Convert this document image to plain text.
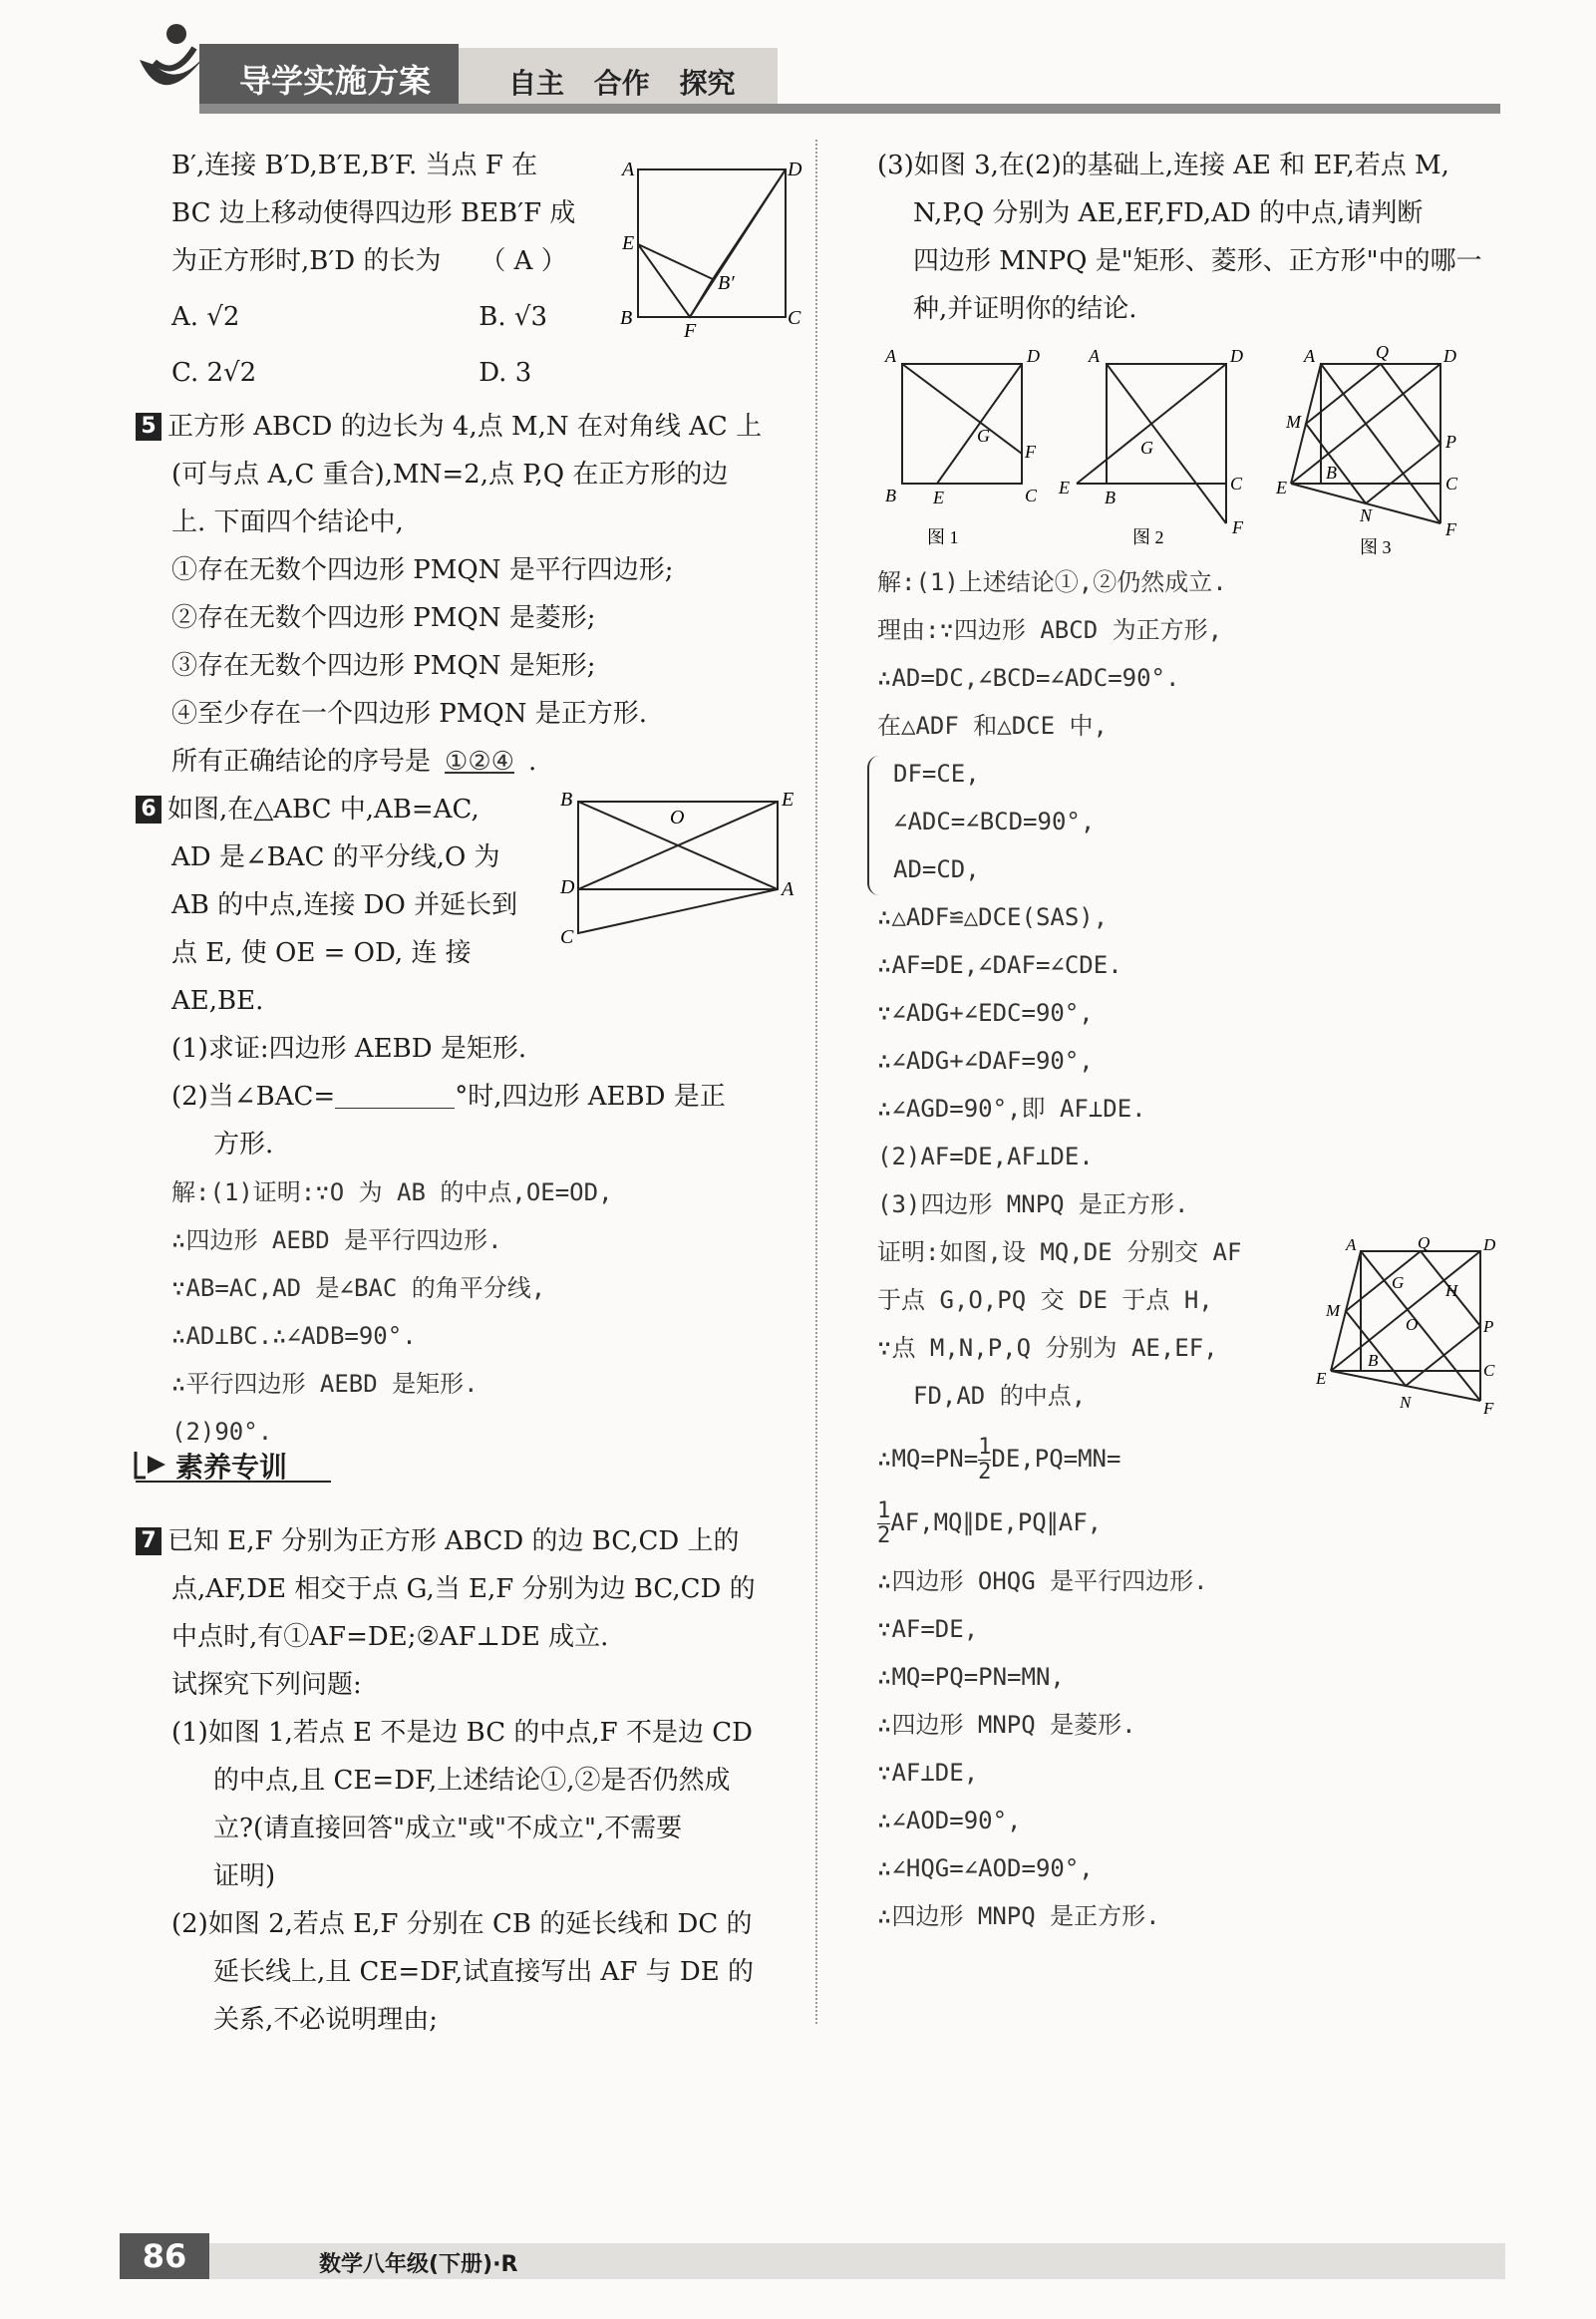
导学实施方案	自主 合作 探究

B′,连接 B′D,B′E,B′F. 当点 F 在

BC 边上移动使得四边形 BEB′F 成

为正方形时,B′D 的长为　　（ A ）

A. √2	B. √3

C. 2√2	D. 3

5 正方形 ABCD 的边长为 4,点 M,N 在对角线 AC 上

(可与点 A,C 重合),MN=2,点 P,Q 在正方形的边

上. 下面四个结论中,

①存在无数个四边形 PMQN 是平行四边形;

②存在无数个四边形 PMQN 是菱形;

③存在无数个四边形 PMQN 是矩形;

④至少存在一个四边形 PMQN 是正方形.

所有正确结论的序号是 ①②④ .

6 如图,在△ABC 中,AB=AC,

AD 是∠BAC 的平分线,O 为

AB 的中点,连接 DO 并延长到

点 E, 使 OE = OD, 连 接

AE,BE.

(1)求证:四边形 AEBD 是矩形.

(2)当∠BAC=	°时,四边形 AEBD 是正

方形.

解:(1)证明:∵O 为 AB 的中点,OE=OD,

∴四边形 AEBD 是平行四边形.

∵AB=AC,AD 是∠BAC 的角平分线,

∴AD⊥BC.∴∠ADB=90°.

∴平行四边形 AEBD 是矩形.

(2)90°.

7 已知 E,F 分别为正方形 ABCD 的边 BC,CD 上的

点,AF,DE 相交于点 G,当 E,F 分别为边 BC,CD 的

中点时,有①AF=DE;②AF⊥DE 成立.

试探究下列问题:

(1)如图 1,若点 E 不是边 BC 的中点,F 不是边 CD

的中点,且 CE=DF,上述结论①,②是否仍然成

立?(请直接回答"成立"或"不成立",不需要

证明)

(2)如图 2,若点 E,F 分别在 CB 的延长线和 DC 的

延长线上,且 CE=DF,试直接写出 AF 与 DE 的

关系,不必说明理由;

A	D
E
B′
B
F
C
B	E
O
D	A
C
素养专训

(3)如图 3,在(2)的基础上,连接 AE 和 EF,若点 M,

N,P,Q 分别为 AE,EF,FD,AD 的中点,请判断

四边形 MNPQ 是"矩形、菱形、正方形"中的哪一

种,并证明你的结论.

A	D
G
F
B E	C
图 1
A	D
G
E B
C
F
图 2
A	Q	D
M
P
E
B
C
N
F
图 3

解:(1)上述结论①,②仍然成立.

理由:∵四边形 ABCD 为正方形,

∴AD=DC,∠BCD=∠ADC=90°.

在△ADF 和△DCE 中,

DF=CE,

∠ADC=∠BCD=90°,

AD=CD,

∴△ADF≌△DCE(SAS),

∴AF=DE,∠DAF=∠CDE.

∵∠ADG+∠EDC=90°,

∴∠ADG+∠DAF=90°,

∴∠AGD=90°,即 AF⊥DE.

(2)AF=DE,AF⊥DE.

(3)四边形 MNPQ 是正方形.

证明:如图,设 MQ,DE 分别交 AF

于点 G,O,PQ 交 DE 于点 H,

∵点 M,N,P,Q 分别为 AE,EF,

FD,AD 的中点,

∴MQ=PN= $\frac{1}{2} DE,PQ=MN=$

$\frac{1}{2}$ AF,MQ∥DE,PQ∥AF,

∴四边形 OHQG 是平行四边形.

∵AF=DE,

∴MQ=PQ=PN=MN,

∴四边形 MNPQ 是菱形.

∵AF⊥DE,

∴∠AOD=90°,

∴∠HQG=∠AOD=90°,

∴四边形 MNPQ 是正方形.

A	Q	D
G H
M
O	P
E
B
C
N	F
86	数学八年级(下册)·R
